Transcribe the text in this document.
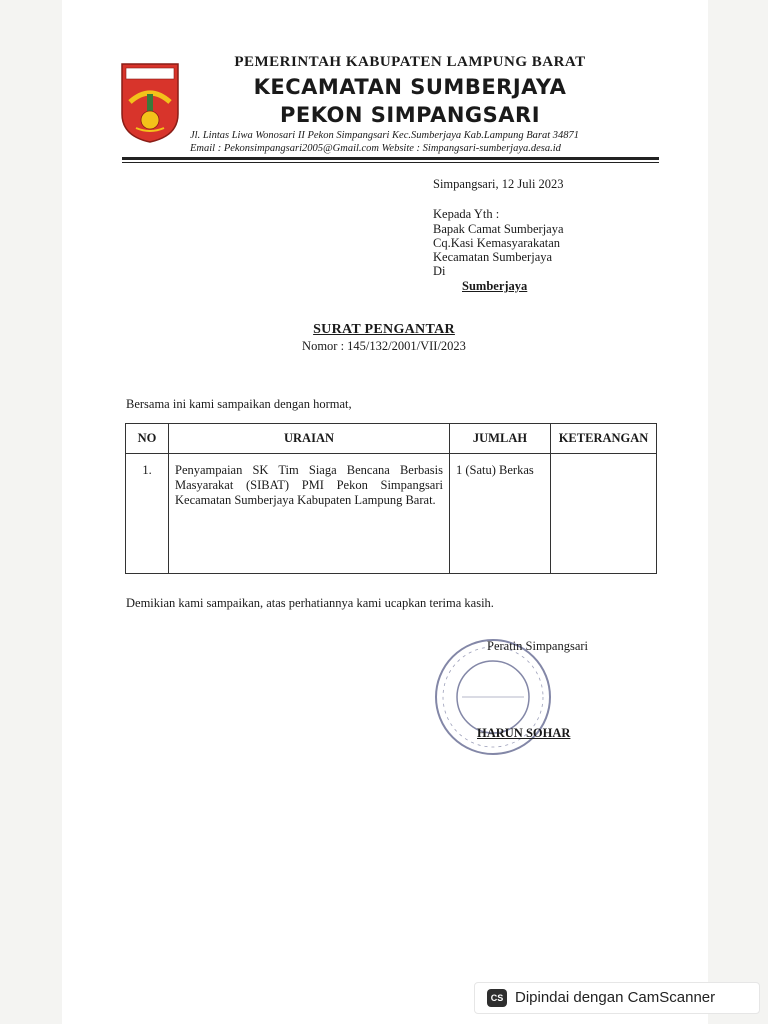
PEMERINTAH KABUPATEN LAMPUNG BARAT
KECAMATAN SUMBERJAYA
PEKON SIMPANGSARI
Jl. Lintas Liwa Wonosari II Pekon Simpangsari Kec.Sumberjaya Kab.Lampung Barat 34871
Email : Pekonsimpangsari2005@Gmail.com Website : Simpangsari-sumberjaya.desa.id
Simpangsari, 12 Juli 2023
Kepada Yth :
Bapak Camat Sumberjaya
Cq.Kasi Kemasyarakatan
Kecamatan Sumberjaya
Di
Sumberjaya
SURAT PENGANTAR
Nomor : 145/132/2001/VII/2023
Bersama ini kami sampaikan dengan hormat,
NO	URAIAN	JUMLAH	KETERANGAN
1.	Penyampaian SK Tim Siaga Bencana Berbasis Masyarakat (SIBAT) PMI Pekon Simpangsari Kecamatan Sumberjaya Kabupaten Lampung Barat.	1 (Satu) Berkas	
Demikian kami sampaikan, atas perhatiannya kami ucapkan terima kasih.
Peratin Simpangsari
HARUN SOHAR
CS Dipindai dengan CamScanner
